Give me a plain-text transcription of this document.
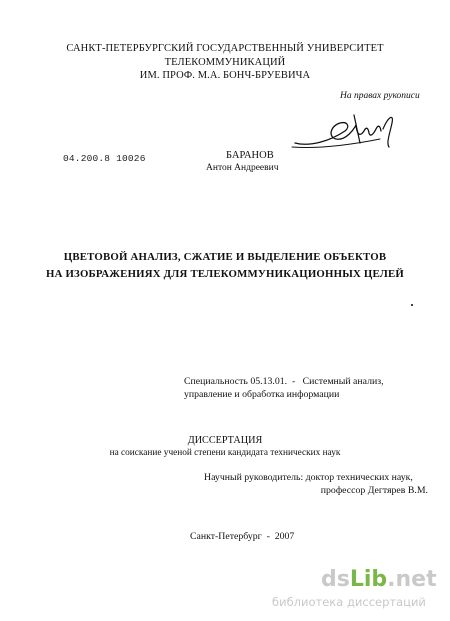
САНКТ-ПЕТЕРБУРГСКИЙ ГОСУДАРСТВЕННЫЙ УНИВЕРСИТЕТ
ТЕЛЕКОММУНИКАЦИЙ
ИМ. ПРОФ. М.А. БОНЧ-БРУЕВИЧА
На правах рукописи
04.200.8 10026	БАРАНОВ
Антон Андреевич
ЦВЕТОВОЙ АНАЛИЗ, СЖАТИЕ И ВЫДЕЛЕНИЕ ОБЪЕКТОВ
НА ИЗОБРАЖЕНИЯХ ДЛЯ ТЕЛЕКОММУНИКАЦИОННЫХ ЦЕЛЕЙ
Специальность 05.13.01.  -   Системный анализ,
управление и обработка информации
ДИССЕРТАЦИЯ
на соискание ученой степени кандидата технических наук
Научный руководитель: доктор технических наук,
профессор Дегтярев В.М.
Санкт-Петербург  -  2007
dsLib.net
библиотека диссертаций
